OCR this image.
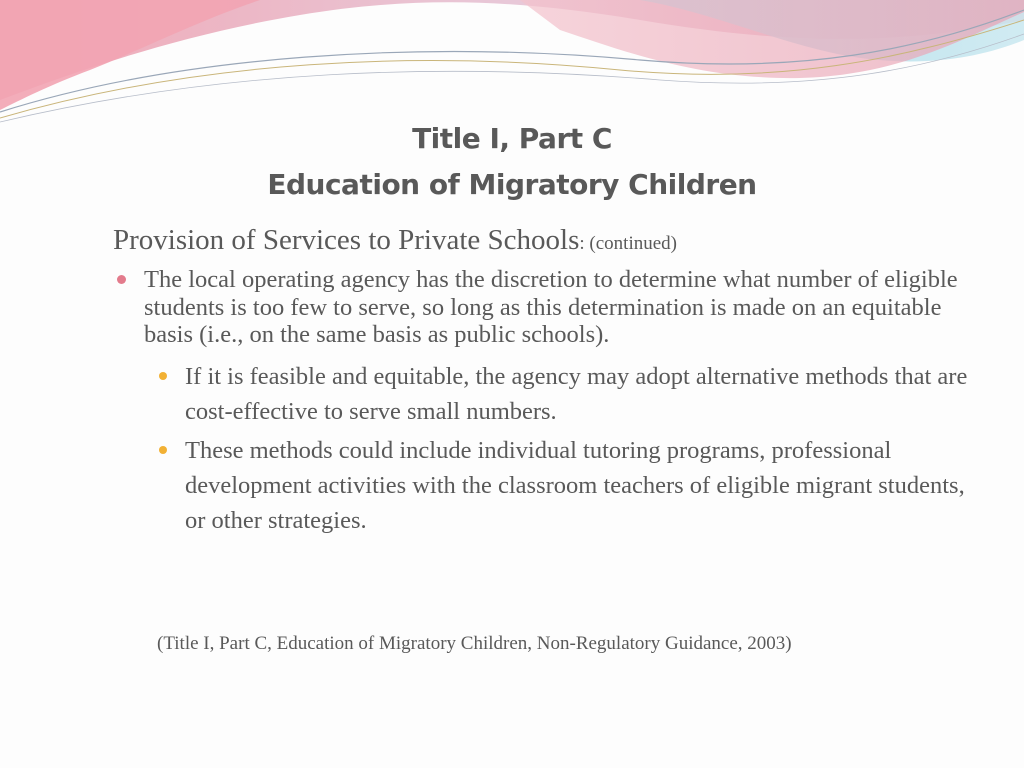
Title I, Part C
Education of Migratory Children
Provision of Services to Private Schools: (continued)
The local operating agency has the discretion to determine what number of eligible students is too few to serve, so long as this determination is made on an equitable basis (i.e., on the same basis as public schools).
If it is feasible and equitable, the agency may adopt alternative methods that are cost-effective to serve small numbers.
These methods could include individual tutoring programs, professional development activities with the classroom teachers of eligible migrant students, or other strategies.
(Title I, Part C, Education of Migratory Children, Non-Regulatory Guidance, 2003)
